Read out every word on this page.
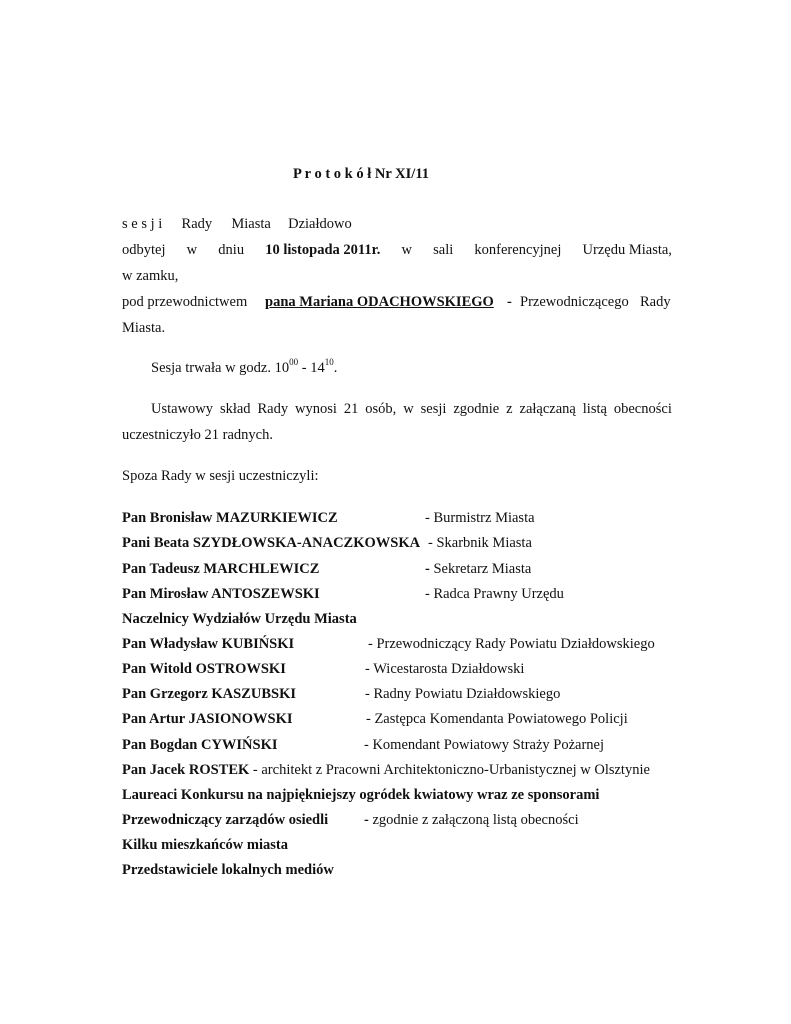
P r o t o k ó ł Nr XI/11
s e s j i Rady Miasta Działdowo
odbytej w dniu 10 listopada 2011r. w sali konferencyjnej Urzędu Miasta,
w zamku,
pod przewodnictwem pana Mariana ODACHOWSKIEGO - Przewodniczącego Rady
Miasta.
Sesja trwała w godz. $10^{00} - 14^{10}$.
Ustawowy skład Rady wynosi 21 osób, w sesji zgodnie z załączaną listą obecności
uczestniczyło 21 radnych.
Spoza Rady w sesji uczestniczyli:
Pan Bronisław MAZURKIEWICZ	- Burmistrz Miasta
Pani Beata SZYDŁOWSKA-ANACZKOWSKA - Skarbnik Miasta
Pan Tadeusz MARCHLEWICZ	- Sekretarz Miasta
Pan Mirosław ANTOSZEWSKI	- Radca Prawny Urzędu
Naczelnicy Wydziałów Urzędu Miasta
Pan Władysław KUBIŃSKI	- Przewodniczący Rady Powiatu Działdowskiego
Pan Witold OSTROWSKI	- Wicestarosta Działdowski
Pan Grzegorz KASZUBSKI	- Radny Powiatu Działdowskiego
Pan Artur JASIONOWSKI	- Zastępca Komendanta Powiatowego Policji
Pan Bogdan CYWIŃSKI	- Komendant Powiatowy Straży Pożarnej
Pan Jacek ROSTEK - architekt z Pracowni Architektoniczno-Urbanistycznej w Olsztynie
Laureaci Konkursu na najpiękniejszy ogródek kwiatowy wraz ze sponsorami
Przewodniczący zarządów osiedli - zgodnie z załączoną listą obecności
Kilku mieszkańców miasta
Przedstawiciele lokalnych mediów
